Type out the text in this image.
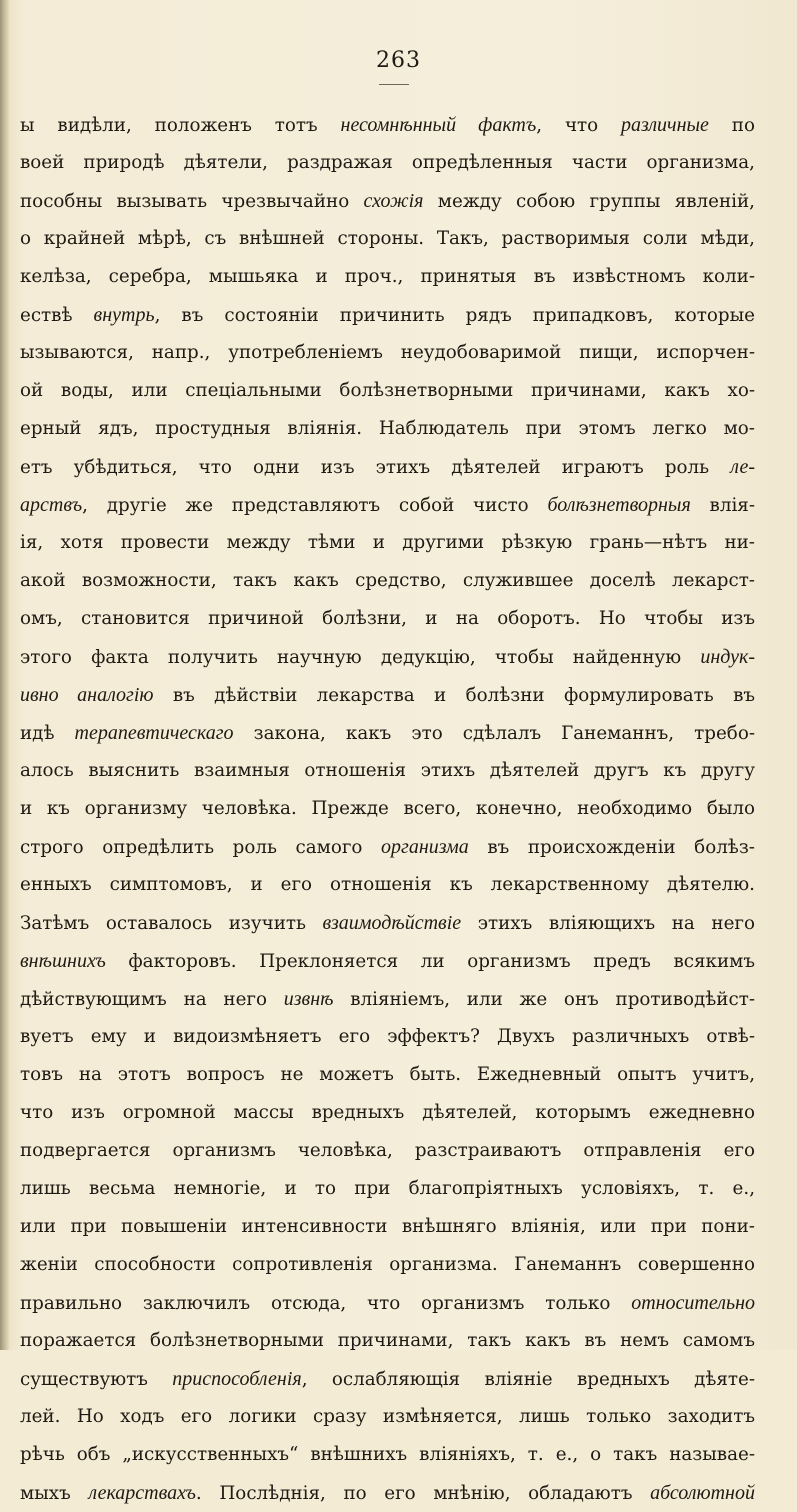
263
ы видѣли, положенъ тотъ несомнѣнный фактъ, что различные по
воей природѣ дѣятели, раздражая опредѣленныя части организма,
пособны вызывать чрезвычайно схожія между собою группы явленій,
о крайней мѣрѣ, съ внѣшней стороны. Такъ, растворимыя соли мѣди,
келѣза, серебра, мышьяка и проч., принятыя въ извѣстномъ коли-
ествѣ внутрь, въ состояніи причинить рядъ припадковъ, которые
ызываются, напр., употребленіемъ неудобоваримой пищи, испорчен-
ой воды, или спеціальными болѣзнетворными причинами, какъ хо-
ерный ядъ, простудныя вліянія. Наблюдатель при этомъ легко мо-
етъ убѣдиться, что одни изъ этихъ дѣятелей играютъ роль ле-
арствъ, другіе же представляютъ собой чисто болѣзнетворныя влія-
ія, хотя провести между тѣми и другими рѣзкую грань—нѣтъ ни-
акой возможности, такъ какъ средство, служившее доселѣ лекарст-
омъ, становится причиной болѣзни, и на оборотъ. Но чтобы изъ
этого факта получить научную дедукцію, чтобы найденную индук-
ивно аналогію въ дѣйствіи лекарства и болѣзни формулировать въ
идѣ терапевтическаго закона, какъ это сдѣлалъ Ганеманнъ, требо-
алось выяснить взаимныя отношенія этихъ дѣятелей другъ къ другу
и къ организму человѣка. Прежде всего, конечно, необходимо было
строго опредѣлить роль самого организма въ происхожденіи болѣз-
енныхъ симптомовъ, и его отношенія къ лекарственному дѣятелю.
Затѣмъ оставалось изучить взаимодѣйствіе этихъ вліяющихъ на него
внѣшнихъ факторовъ. Преклоняется ли организмъ предъ всякимъ
дѣйствующимъ на него извнѣ вліяніемъ, или же онъ противодѣйст-
вуетъ ему и видоизмѣняетъ его эффектъ? Двухъ различныхъ отвѣ-
товъ на этотъ вопросъ не можетъ быть. Ежедневный опытъ учитъ,
что изъ огромной массы вредныхъ дѣятелей, которымъ ежедневно
подвергается организмъ человѣка, разстраиваютъ отправленія его
лишь весьма немногіе, и то при благопріятныхъ условіяхъ, т. е.,
или при повышеніи интенсивности внѣшняго вліянія, или при пони-
женіи способности сопротивленія организма. Ганеманнъ совершенно
правильно заключилъ отсюда, что организмъ только относительно
поражается болѣзнетворными причинами, такъ какъ въ немъ самомъ
существуютъ приспособленія, ослабляющія вліяніе вредныхъ дѣяте-
лей. Но ходъ его логики сразу измѣняется, лишь только заходитъ
рѣчь объ „искусственныхъ“ внѣшнихъ вліяніяхъ, т. е., о такъ называе-
мыхъ лекарствахъ. Послѣднія, по его мнѣнію, обладаютъ абсолютной
